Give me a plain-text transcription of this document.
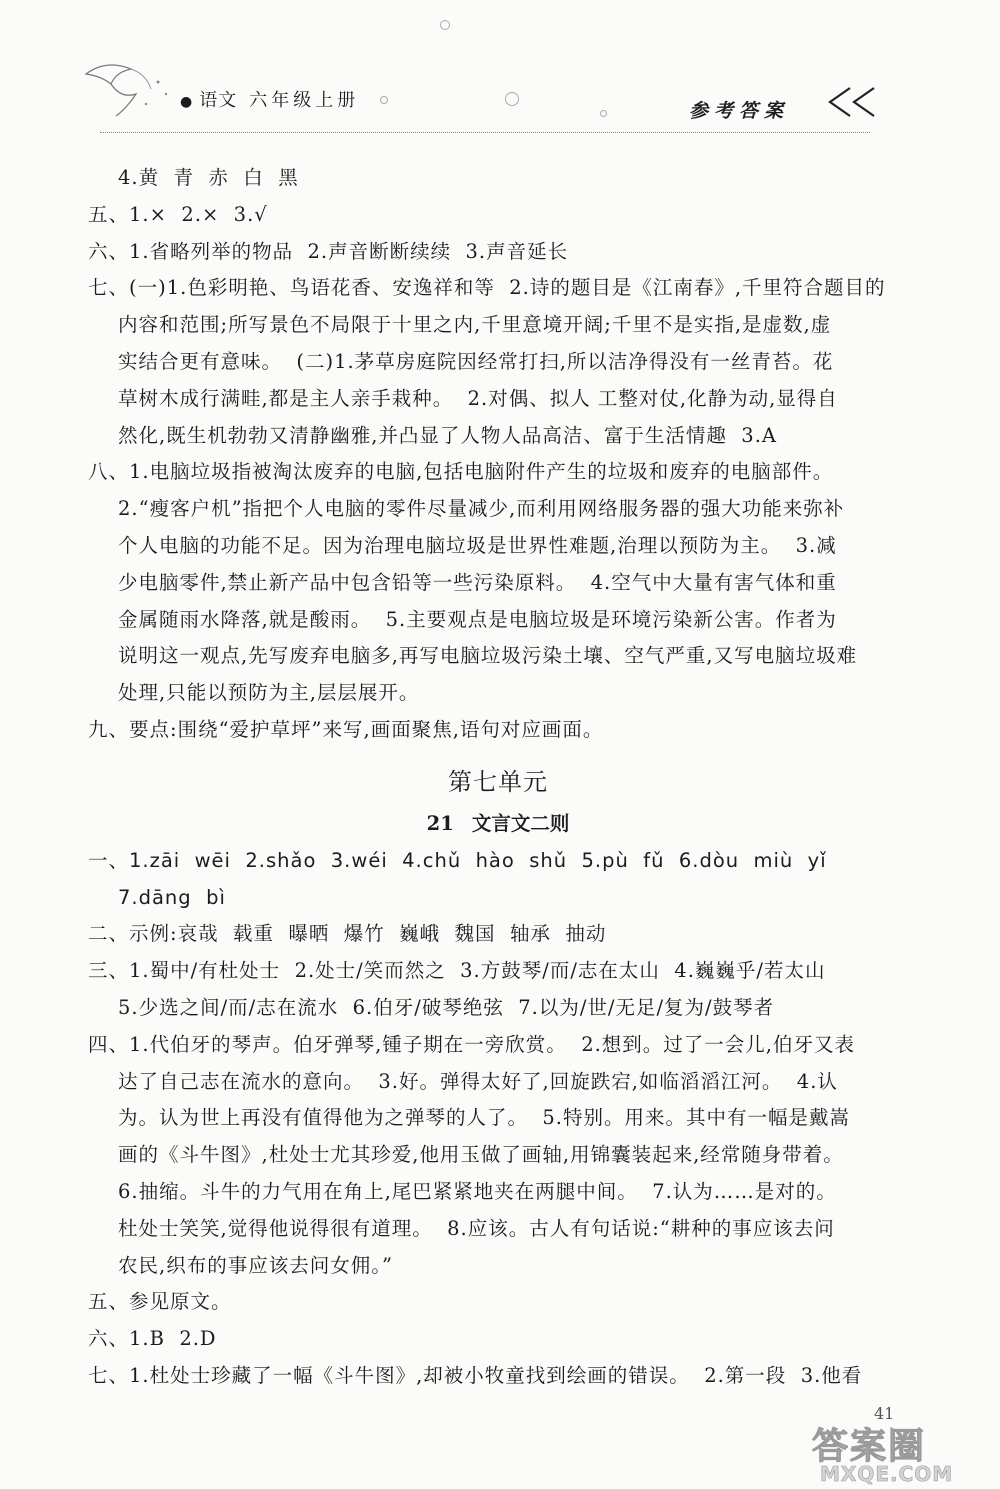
● 语文 六年级上册	参考答案
4.黄  青  赤  白  黑
五、1.×  2.×  3.√
六、1.省略列举的物品  2.声音断断续续  3.声音延长
七、(一)1.色彩明艳、鸟语花香、安逸祥和等  2.诗的题目是《江南春》,千里符合题目的
内容和范围;所写景色不局限于十里之内,千里意境开阔;千里不是实指,是虚数,虚
实结合更有意味。  (二)1.茅草房庭院因经常打扫,所以洁净得没有一丝青苔。花
草树木成行满畦,都是主人亲手栽种。  2.对偶、拟人 工整对仗,化静为动,显得自
然化,既生机勃勃又清静幽雅,并凸显了人物人品高洁、富于生活情趣  3.A
八、1.电脑垃圾指被淘汰废弃的电脑,包括电脑附件产生的垃圾和废弃的电脑部件。
2.“瘦客户机”指把个人电脑的零件尽量减少,而利用网络服务器的强大功能来弥补
个人电脑的功能不足。因为治理电脑垃圾是世界性难题,治理以预防为主。  3.减
少电脑零件,禁止新产品中包含铅等一些污染原料。  4.空气中大量有害气体和重
金属随雨水降落,就是酸雨。  5.主要观点是电脑垃圾是环境污染新公害。作者为
说明这一观点,先写废弃电脑多,再写电脑垃圾污染土壤、空气严重,又写电脑垃圾难
处理,只能以预防为主,层层展开。
九、要点:围绕“爱护草坪”来写,画面聚焦,语句对应画面。
第七单元
21 文言文二则
一、1.zāi  wēi  2.shǎo  3.wéi  4.chǔ  hào  shǔ  5.pù  fǔ  6.dòu  miù  yǐ
7.dāng  bì
二、示例:哀哉  载重  曝晒  爆竹  巍峨  魏国  轴承  抽动
三、1.蜀中/有杜处士  2.处士/笑而然之  3.方鼓琴/而/志在太山  4.巍巍乎/若太山
5.少选之间/而/志在流水  6.伯牙/破琴绝弦  7.以为/世/无足/复为/鼓琴者
四、1.代伯牙的琴声。伯牙弹琴,锺子期在一旁欣赏。  2.想到。过了一会儿,伯牙又表
达了自己志在流水的意向。  3.好。弹得太好了,回旋跌宕,如临滔滔江河。  4.认
为。认为世上再没有值得他为之弹琴的人了。  5.特别。用来。其中有一幅是戴嵩
画的《斗牛图》,杜处士尤其珍爱,他用玉做了画轴,用锦囊装起来,经常随身带着。
6.抽缩。斗牛的力气用在角上,尾巴紧紧地夹在两腿中间。  7.认为……是对的。
杜处士笑笑,觉得他说得很有道理。  8.应该。古人有句话说:“耕种的事应该去问
农民,织布的事应该去问女佣。”
五、参见原文。
六、1.B  2.D
七、1.杜处士珍藏了一幅《斗牛图》,却被小牧童找到绘画的错误。  2.第一段  3.他看
41
答案圈
MXQE.COM
